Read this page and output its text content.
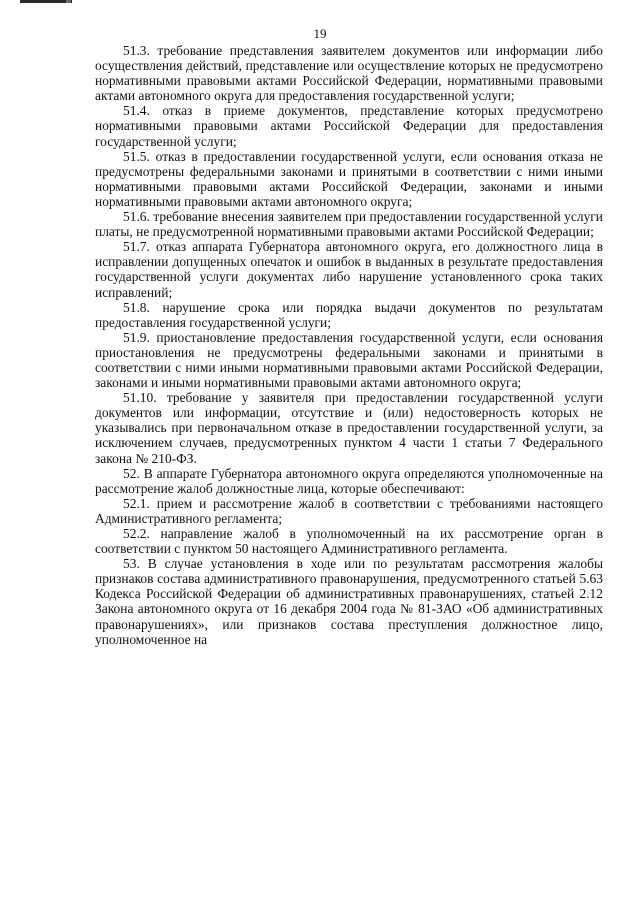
19

51.3. требование представления заявителем документов или информации либо осуществления действий, представление или осуществление которых не предусмотрено нормативными правовыми актами Российской Федерации, нормативными правовыми актами автономного округа для предоставления государственной услуги;

51.4. отказ в приеме документов, представление которых предусмотрено нормативными правовыми актами Российской Федерации для предоставления государственной услуги;

51.5. отказ в предоставлении государственной услуги, если основания отказа не предусмотрены федеральными законами и принятыми в соответствии с ними иными нормативными правовыми актами Российской Федерации, законами и иными нормативными правовыми актами автономного округа;

51.6. требование внесения заявителем при предоставлении государственной услуги платы, не предусмотренной нормативными правовыми актами Российской Федерации;

51.7. отказ аппарата Губернатора автономного округа, его должностного лица в исправлении допущенных опечаток и ошибок в выданных в результате предоставления государственной услуги документах либо нарушение установленного срока таких исправлений;

51.8. нарушение срока или порядка выдачи документов по результатам предоставления государственной услуги;

51.9. приостановление предоставления государственной услуги, если основания приостановления не предусмотрены федеральными законами и принятыми в соответствии с ними иными нормативными правовыми актами Российской Федерации, законами и иными нормативными правовыми актами автономного округа;

51.10. требование у заявителя при предоставлении государственной услуги документов или информации, отсутствие и (или) недостоверность которых не указывались при первоначальном отказе в предоставлении государственной услуги, за исключением случаев, предусмотренных пунктом 4 части 1 статьи 7 Федерального закона № 210-ФЗ.

52. В аппарате Губернатора автономного округа определяются уполномоченные на рассмотрение жалоб должностные лица, которые обеспечивают:

52.1. прием и рассмотрение жалоб в соответствии с требованиями настоящего Административного регламента;

52.2. направление жалоб в уполномоченный на их рассмотрение орган в соответствии с пунктом 50 настоящего Административного регламента.

53. В случае установления в ходе или по результатам рассмотрения жалобы признаков состава административного правонарушения, предусмотренного статьей 5.63 Кодекса Российской Федерации об административных правонарушениях, статьей 2.12 Закона автономного округа от 16 декабря 2004 года № 81-ЗАО «Об административных правонарушениях», или признаков состава преступления должностное лицо, уполномоченное на
